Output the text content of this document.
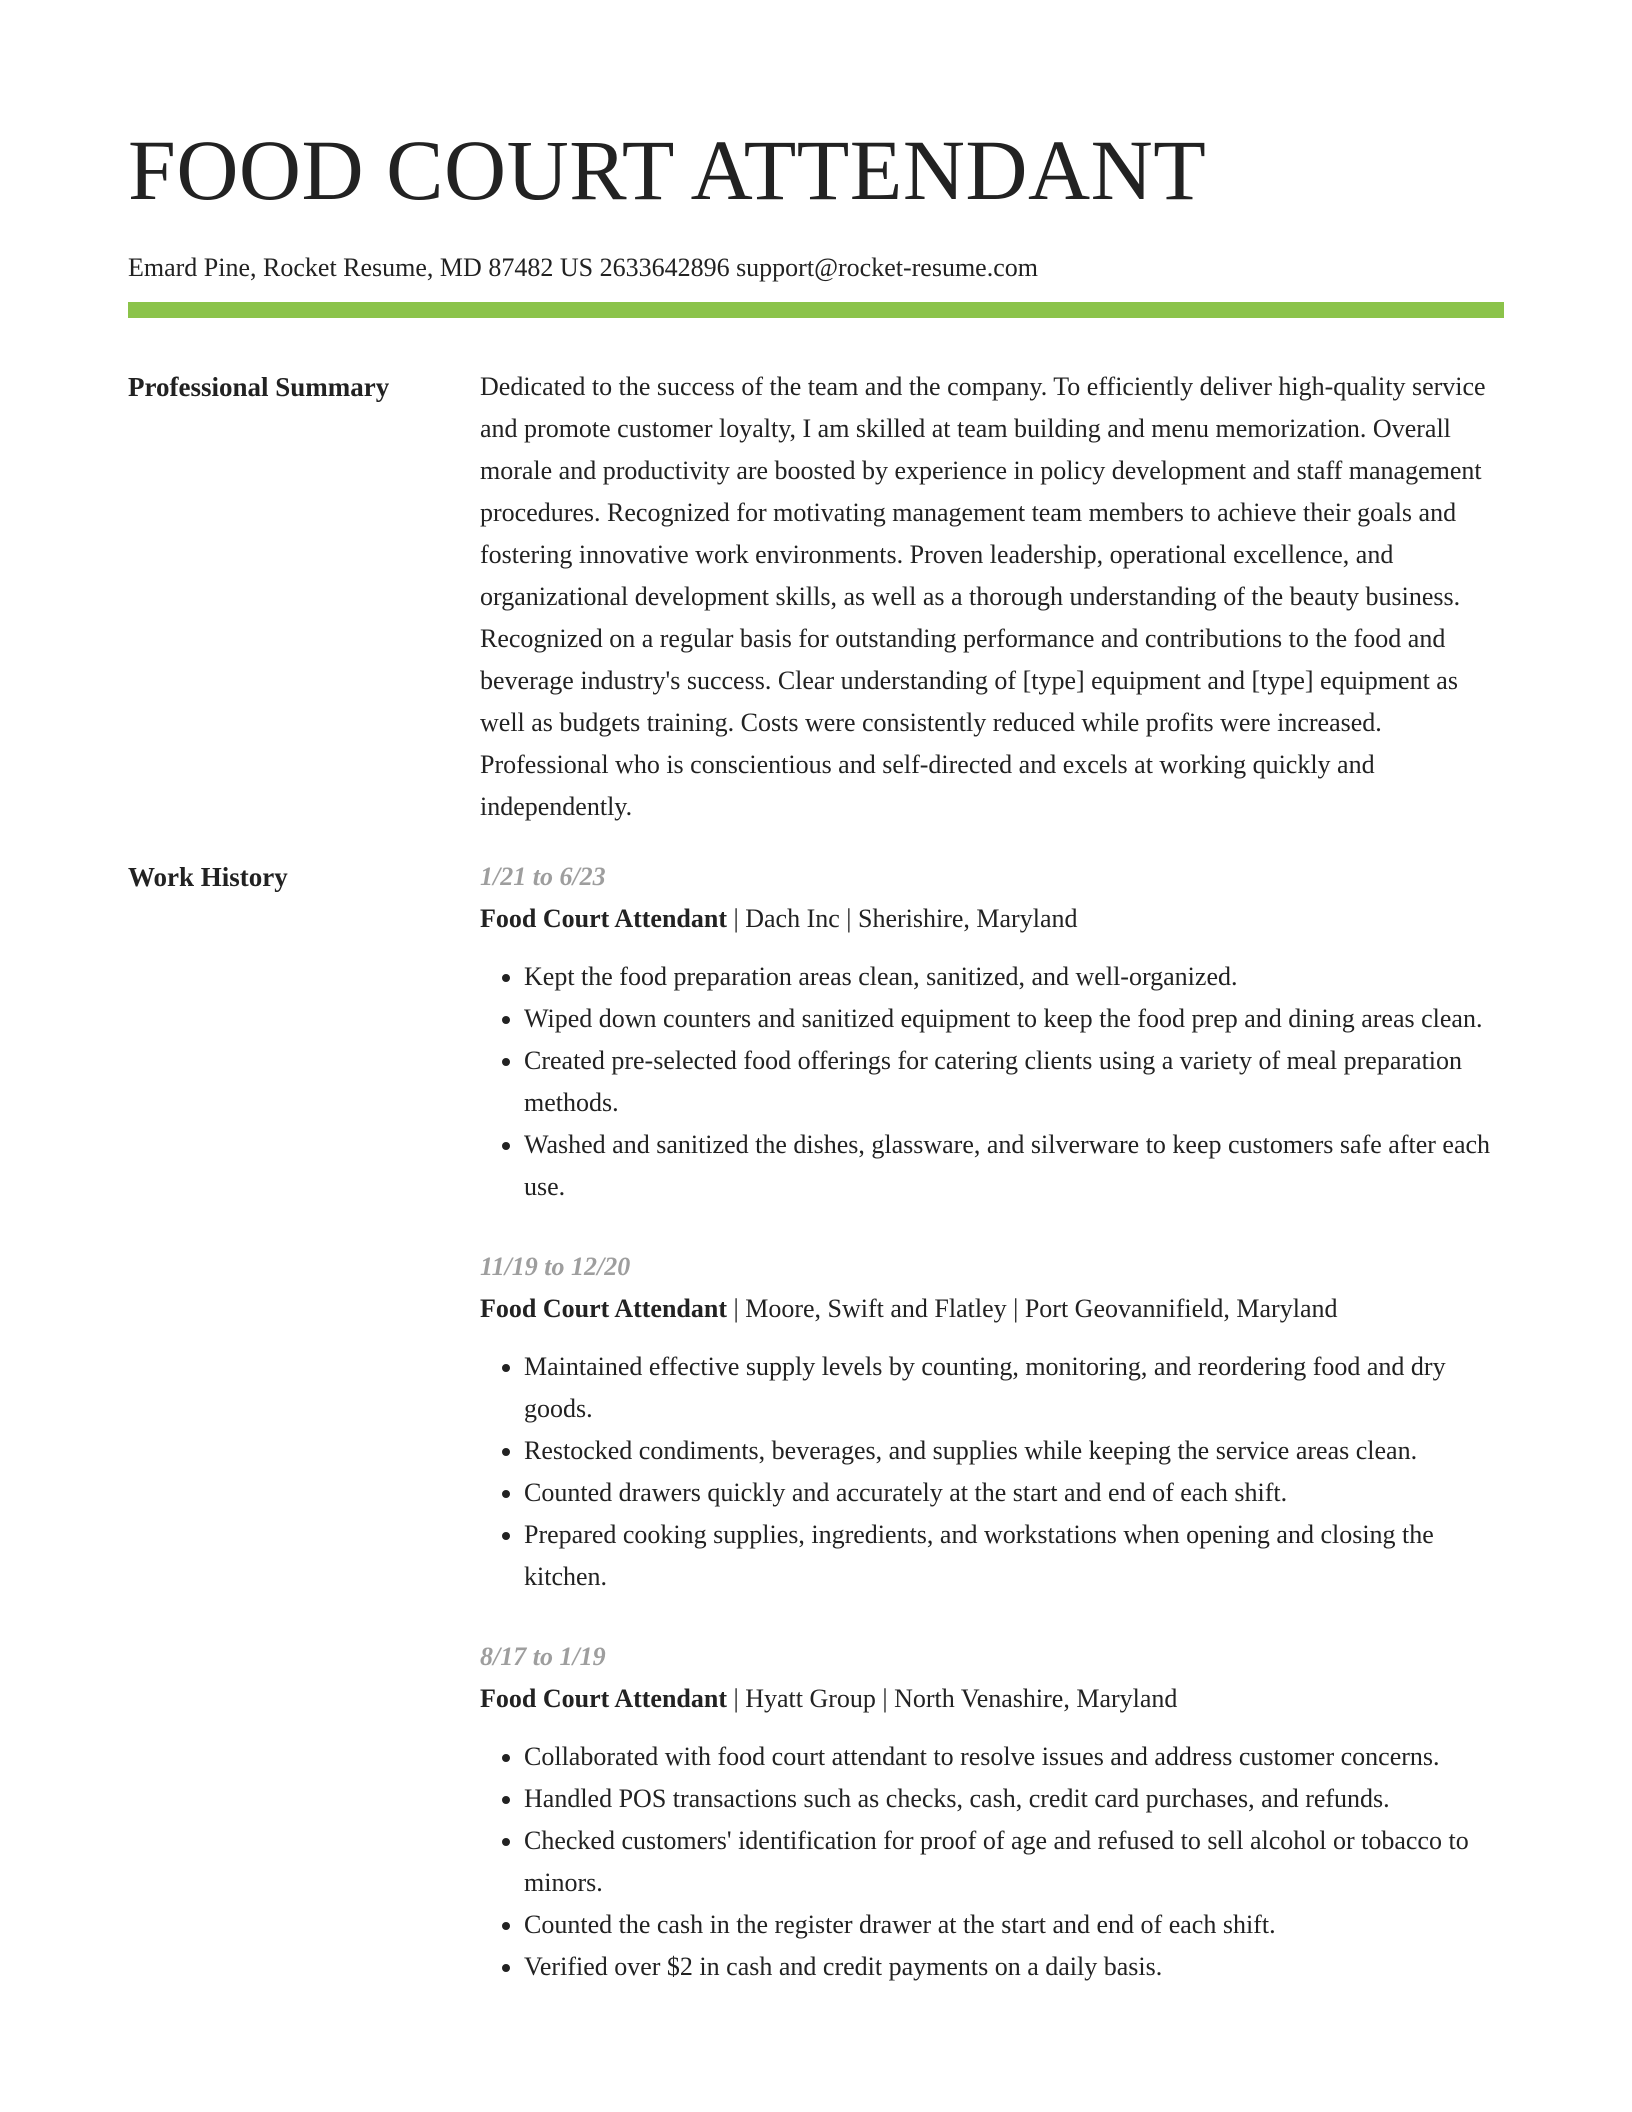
FOOD COURT ATTENDANT
Emard Pine, Rocket Resume, MD 87482 US 2633642896 support@rocket-resume.com
Professional Summary	Dedicated to the success of the team and the company. To efficiently deliver high-quality service and promote customer loyalty, I am skilled at team building and menu memorization. Overall morale and productivity are boosted by experience in policy development and staff management procedures. Recognized for motivating management team members to achieve their goals and fostering innovative work environments. Proven leadership, operational excellence, and organizational development skills, as well as a thorough understanding of the beauty business. Recognized on a regular basis for outstanding performance and contributions to the food and beverage industry's success. Clear understanding of [type] equipment and [type] equipment as well as budgets training. Costs were consistently reduced while profits were increased. Professional who is conscientious and self-directed and excels at working quickly and independently.

Work History	1/21 to 6/23
Food Court Attendant | Dach Inc | Sherishire, Maryland
• Kept the food preparation areas clean, sanitized, and well-organized.
• Wiped down counters and sanitized equipment to keep the food prep and dining areas clean.
• Created pre-selected food offerings for catering clients using a variety of meal preparation methods.
• Washed and sanitized the dishes, glassware, and silverware to keep customers safe after each use.
11/19 to 12/20
Food Court Attendant | Moore, Swift and Flatley | Port Geovannifield, Maryland
• Maintained effective supply levels by counting, monitoring, and reordering food and dry goods.
• Restocked condiments, beverages, and supplies while keeping the service areas clean.
• Counted drawers quickly and accurately at the start and end of each shift.
• Prepared cooking supplies, ingredients, and workstations when opening and closing the kitchen.
8/17 to 1/19
Food Court Attendant | Hyatt Group | North Venashire, Maryland
• Collaborated with food court attendant to resolve issues and address customer concerns.
• Handled POS transactions such as checks, cash, credit card purchases, and refunds.
• Checked customers' identification for proof of age and refused to sell alcohol or tobacco to minors.
• Counted the cash in the register drawer at the start and end of each shift.
• Verified over $2 in cash and credit payments on a daily basis.
